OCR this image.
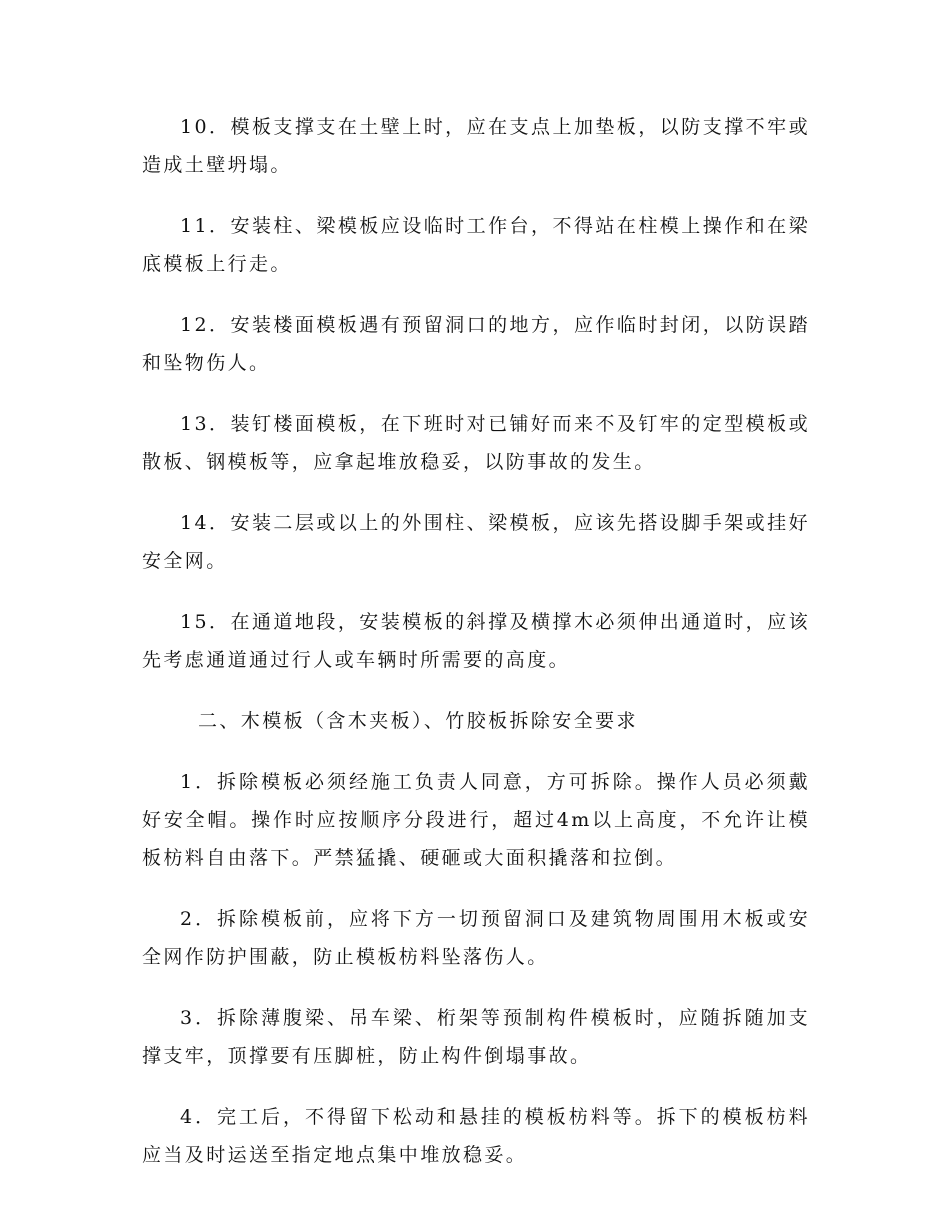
10．模板支撑支在土壁上时，应在支点上加垫板，以防支撑不牢或造成土壁坍塌。

11．安装柱、梁模板应设临时工作台，不得站在柱模上操作和在梁底模板上行走。

12．安装楼面模板遇有预留洞口的地方，应作临时封闭，以防误踏和坠物伤人。

13．装钉楼面模板，在下班时对已铺好而来不及钉牢的定型模板或散板、钢模板等，应拿起堆放稳妥，以防事故的发生。

14．安装二层或以上的外围柱、梁模板，应该先搭设脚手架或挂好安全网。

15．在通道地段，安装模板的斜撑及横撑木必须伸出通道时，应该先考虑通道通过行人或车辆时所需要的高度。

二、木模板（含木夹板）、竹胶板拆除安全要求

1．拆除模板必须经施工负责人同意，方可拆除。操作人员必须戴好安全帽。操作时应按顺序分段进行，超过4m以上高度，不允许让模板枋料自由落下。严禁猛撬、硬砸或大面积撬落和拉倒。

2．拆除模板前，应将下方一切预留洞口及建筑物周围用木板或安全网作防护围蔽，防止模板枋料坠落伤人。

3．拆除薄腹梁、吊车梁、桁架等预制构件模板时，应随拆随加支撑支牢，顶撑要有压脚桩，防止构件倒塌事故。

4．完工后，不得留下松动和悬挂的模板枋料等。拆下的模板枋料应当及时运送至指定地点集中堆放稳妥。
